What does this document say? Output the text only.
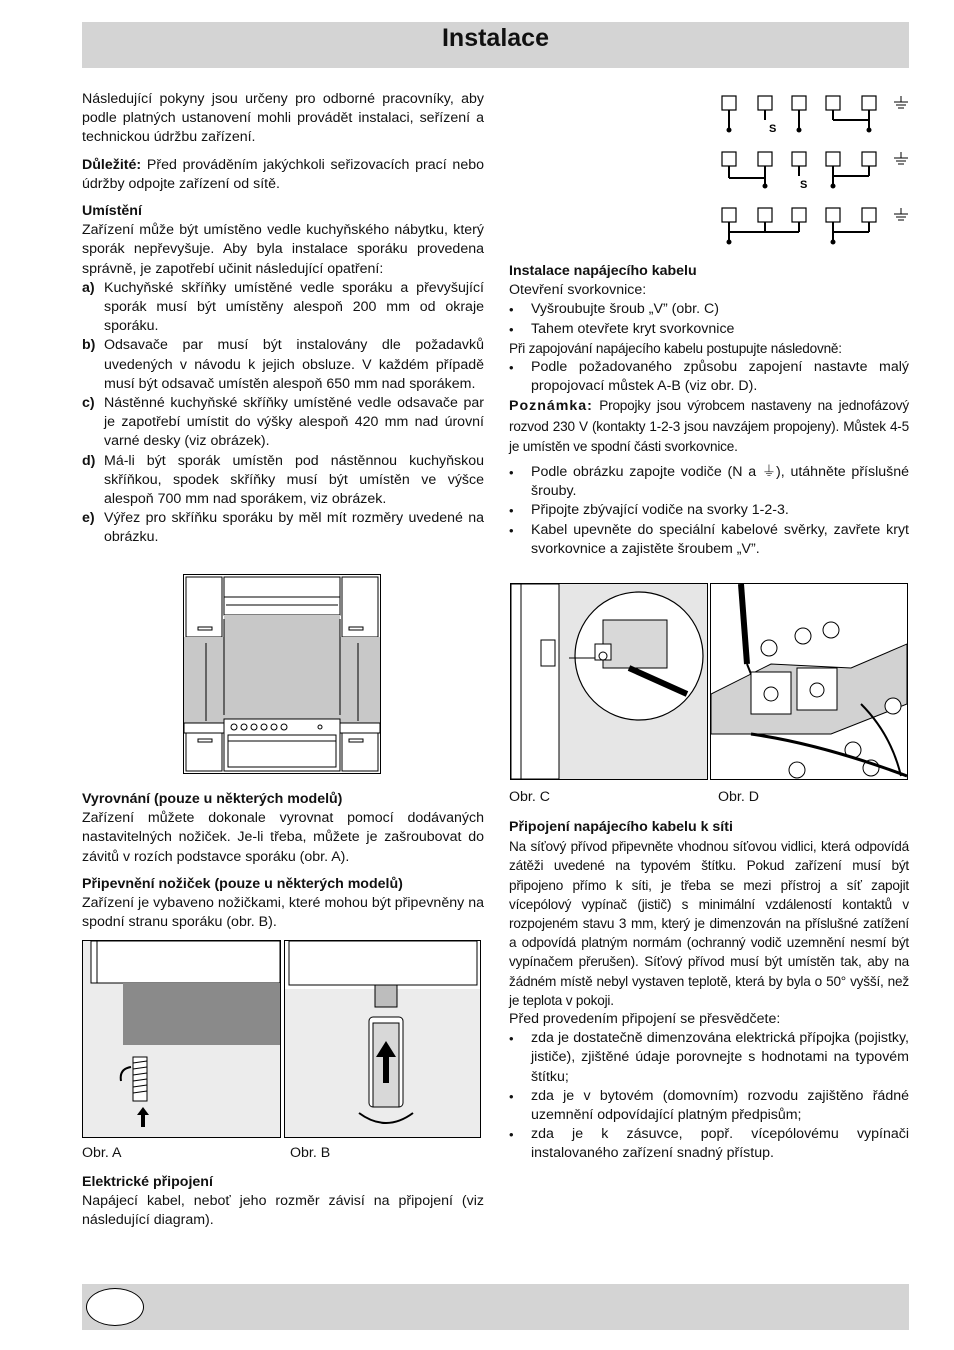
Instalace

Následující pokyny jsou určeny pro odborné pracovníky, aby podle platných ustanovení mohli provádět instalaci, seřízení a technickou údržbu zařízení.

Důležité: Před prováděním jakýchkoli seřizovacích prací nebo údržby odpojte zařízení od sítě.

Umístění

Zařízení může být umístěno vedle kuchyňského nábytku, který sporák nepřevyšuje. Aby byla instalace sporáku provedena správně, je zapotřebí učinit následující opatření:

a) Kuchyňské skříňky umístěné vedle sporáku a převyšující sporák musí být umístěny alespoň 200 mm od okraje sporáku.
b) Odsavače par musí být instalovány dle požadavků uvedených v návodu k jejich obsluze. V každém případě musí být odsavač umístěn alespoň 650 mm nad sporákem.
c) Nástěnné kuchyňské skříňky umístěné vedle odsavače par je zapotřebí umístit do výšky alespoň 420 mm nad úrovní varné desky (viz obrázek).
d) Má-li být sporák umístěn pod nástěnnou kuchyňskou skříňkou, spodek skříňky musí být umístěn ve výšce alespoň 700 mm nad sporákem, viz obrázek.
e) Výřez pro skříňku sporáku by měl mít rozměry uvedené na obrázku.

Vyrovnání (pouze u některých modelů)

Zařízení můžete dokonale vyrovnat pomocí dodávaných nastavitelných nožiček. Je-li třeba, můžete je zašroubovat do závitů v rozích podstavce sporáku (obr. A).

Připevnění nožiček (pouze u některých modelů)

Zařízení je vybaveno nožičkami, které mohou být připevněny na spodní stranu sporáku (obr. B).

Obr. A	Obr. B

Elektrické připojení

Napájecí kabel, neboť jeho rozměr závisí na připojení (viz následující diagram).

S
S

Instalace napájecího kabelu

Otevření svorkovnice:

•	Vyšroubujte šroub „V” (obr. C)
•	Tahem otevřete kryt svorkovnice

Při zapojování napájecího kabelu postupujte následovně:

•	Podle požadovaného způsobu zapojení nastavte malý propojovací můstek A-B (viz obr. D).

Poznámka: Propojky jsou výrobcem nastaveny na jednofázový rozvod 230 V (kontakty 1-2-3 jsou navzájem propojeny). Můstek 4-5 je umístěn ve spodní části svorkovnice.

•	Podle obrázku zapojte vodiče (N a ⏚), utáhněte příslušné šrouby.
•	Připojte zbývající vodiče na svorky 1-2-3.
•	Kabel upevněte do speciální kabelové svěrky, zavřete kryt svorkovnice a zajistěte šroubem „V”.
Obr. C	Obr. D

Připojení napájecího kabelu k síti

Na síťový přívod připevněte vhodnou síťovou vidlici, která odpovídá zátěži uvedené na typovém štítku. Pokud zařízení musí být připojeno přímo k síti, je třeba se mezi přístroj a síť zapojit vícepólový vypínač (jistič) s minimální vzdáleností kontaktů v rozpojeném stavu 3 mm, který je dimenzován na příslušné zatížení a odpovídá platným normám (ochranný vodič uzemnění nesmí být vypínačem přerušen). Síťový přívod musí být umístěn tak, aby na žádném místě nebyl vystaven teplotě, která by byla o 50° vyšší, než je teplota v pokoji.

Před provedením připojení se přesvědčete:

•	zda je dostatečně dimenzována elektrická přípojka (pojistky, jističe), zjištěné údaje porovnejte s hodnotami na typovém štítku;
•	zda je v bytovém (domovním) rozvodu zajištěno řádné uzemnění odpovídající platným předpisům;
•	zda je k zásuvce, popř. vícepólovému vypínači instalovaného zařízení snadný přístup.
